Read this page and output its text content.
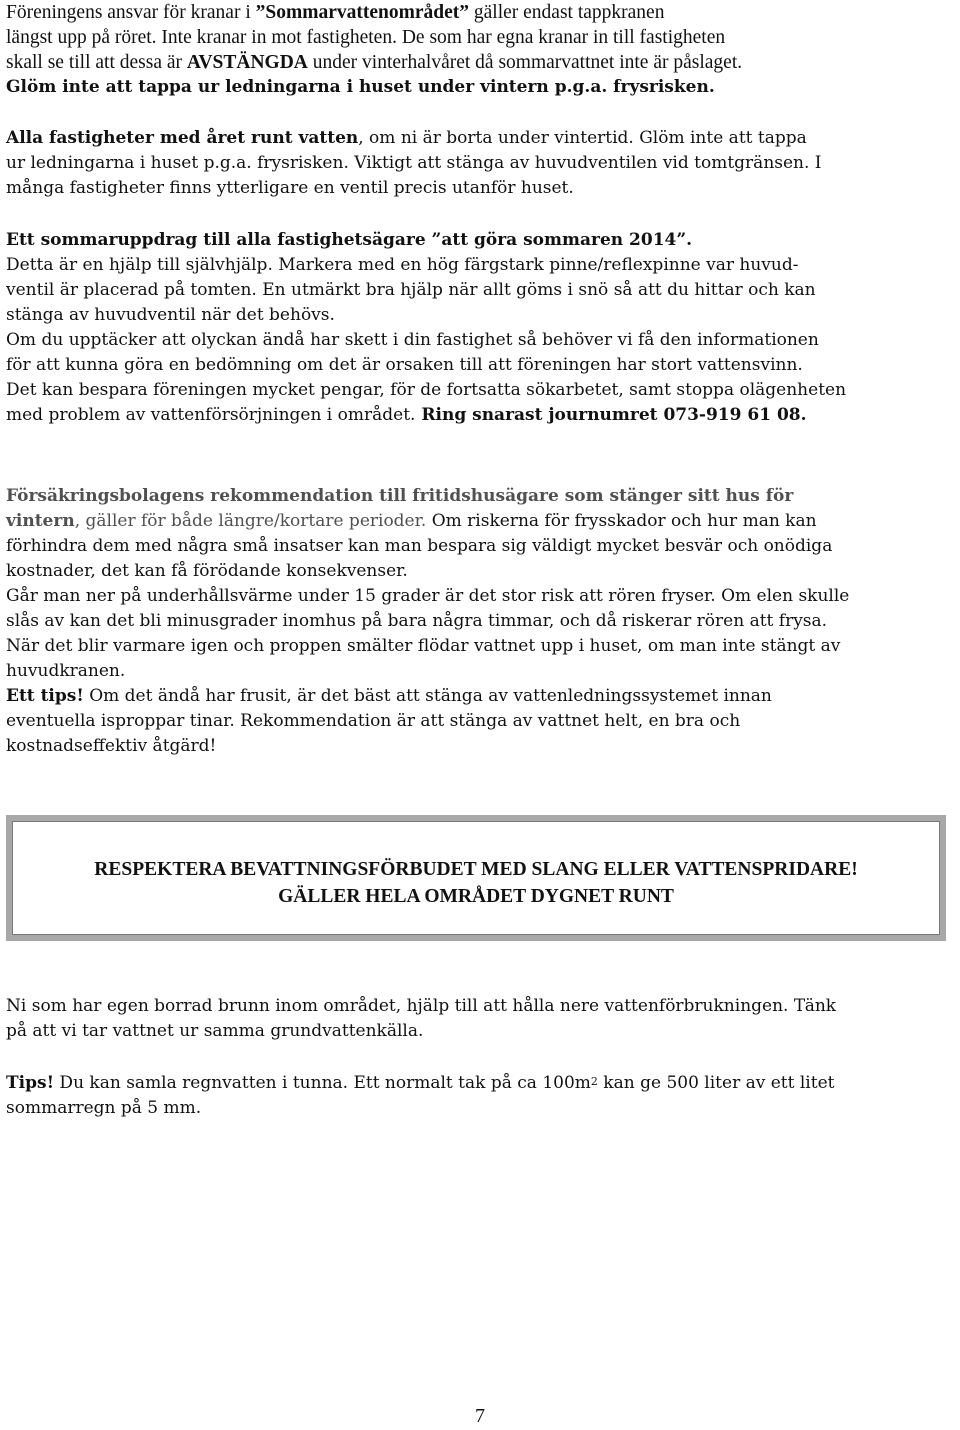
Föreningens ansvar för kranar i ”Sommarvattenområdet” gäller endast tappkranen
längst upp på röret. Inte kranar in mot fastigheten. De som har egna kranar in till fastigheten
skall se till att dessa är AVSTÄNGDA under vinterhalvåret då sommarvattnet inte är påslaget.
Glöm inte att tappa ur ledningarna i huset under vintern p.g.a. frysrisken.
Alla fastigheter med året runt vatten, om ni är borta under vintertid. Glöm inte att tappa
ur ledningarna i huset p.g.a. frysrisken. Viktigt att stänga av huvudventilen vid tomtgränsen. I
många fastigheter finns ytterligare en ventil precis utanför huset.
Ett sommaruppdrag till alla fastighetsägare ”att göra sommaren 2014”.
Detta är en hjälp till självhjälp. Markera med en hög färgstark pinne/reflexpinne var huvud-
ventil är placerad på tomten. En utmärkt bra hjälp när allt göms i snö så att du hittar och kan
stänga av huvudventil när det behövs.
Om du upptäcker att olyckan ändå har skett i din fastighet så behöver vi få den informationen
för att kunna göra en bedömning om det är orsaken till att föreningen har stort vattensvinn.
Det kan bespara föreningen mycket pengar, för de fortsatta sökarbetet, samt stoppa olägenheten
med problem av vattenförsörjningen i området. Ring snarast journumret 073-919 61 08.
Försäkringsbolagens rekommendation till fritidshusägare som stänger sitt hus för
vintern, gäller för både längre/kortare perioder. Om riskerna för frysskador och hur man kan
förhindra dem med några små insatser kan man bespara sig väldigt mycket besvär och onödiga
kostnader, det kan få förödande konsekvenser.
Går man ner på underhållsvärme under 15 grader är det stor risk att rören fryser. Om elen skulle
slås av kan det bli minusgrader inomhus på bara några timmar, och då riskerar rören att frysa.
När det blir varmare igen och proppen smälter flödar vattnet upp i huset, om man inte stängt av
huvudkranen.
Ett tips! Om det ändå har frusit, är det bäst att stänga av vattenledningssystemet innan
eventuella isproppar tinar. Rekommendation är att stänga av vattnet helt, en bra och
kostnadseffektiv åtgärd!
RESPEKTERA BEVATTNINGSFÖRBUDET MED SLANG ELLER VATTENSPRIDARE!
GÄLLER HELA OMRÅDET DYGNET RUNT
Ni som har egen borrad brunn inom området, hjälp till att hålla nere vattenförbrukningen. Tänk
på att vi tar vattnet ur samma grundvattenkälla.
Tips! Du kan samla regnvatten i tunna. Ett normalt tak på ca $100m^2$ kan ge 500 liter av ett litet
sommarregn på 5 mm.
7
